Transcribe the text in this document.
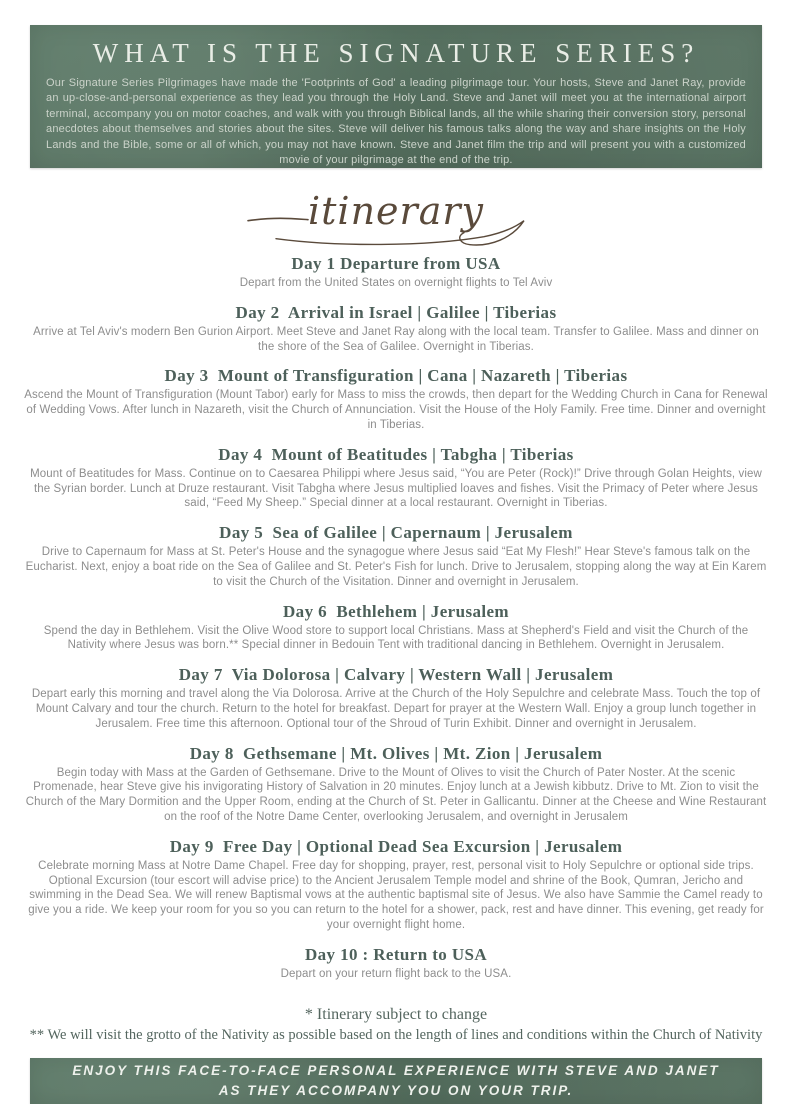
WHAT IS THE SIGNATURE SERIES?
Our Signature Series Pilgrimages have made the 'Footprints of God' a leading pilgrimage tour. Your hosts, Steve and Janet Ray, provide an up-close-and-personal experience as they lead you through the Holy Land. Steve and Janet will meet you at the international airport terminal, accompany you on motor coaches, and walk with you through Biblical lands, all the while sharing their conversion story, personal anecdotes about themselves and stories about the sites. Steve will deliver his famous talks along the way and share insights on the Holy Lands and the Bible, some or all of which, you may not have known. Steve and Janet film the trip and will present you with a customized movie of your pilgrimage at the end of the trip.
itinerary
Day 1 Departure from USA

Depart from the United States on overnight flights to Tel Aviv

Day 2  Arrival in Israel | Galilee | Tiberias

Arrive at Tel Aviv's modern Ben Gurion Airport. Meet Steve and Janet Ray along with the local team. Transfer to Galilee. Mass and dinner on the shore of the Sea of Galilee. Overnight in Tiberias.

Day 3  Mount of Transfiguration | Cana | Nazareth | Tiberias

Ascend the Mount of Transfiguration (Mount Tabor) early for Mass to miss the crowds, then depart for the Wedding Church in Cana for Renewal of Wedding Vows. After lunch in Nazareth, visit the Church of Annunciation. Visit the House of the Holy Family. Free time. Dinner and overnight in Tiberias.

Day 4  Mount of Beatitudes | Tabgha | Tiberias

Mount of Beatitudes for Mass. Continue on to Caesarea Philippi where Jesus said, “You are Peter (Rock)!” Drive through Golan Heights, view the Syrian border. Lunch at Druze restaurant. Visit Tabgha where Jesus multiplied loaves and fishes. Visit the Primacy of Peter where Jesus said, “Feed My Sheep.” Special dinner at a local restaurant. Overnight in Tiberias.

Day 5  Sea of Galilee | Capernaum | Jerusalem

Drive to Capernaum for Mass at St. Peter's House and the synagogue where Jesus said “Eat My Flesh!” Hear Steve's famous talk on the Eucharist. Next, enjoy a boat ride on the Sea of Galilee and St. Peter's Fish for lunch. Drive to Jerusalem, stopping along the way at Ein Karem to visit the Church of the Visitation. Dinner and overnight in Jerusalem.

Day 6  Bethlehem | Jerusalem

Spend the day in Bethlehem. Visit the Olive Wood store to support local Christians. Mass at Shepherd's Field and visit the Church of the Nativity where Jesus was born.** Special dinner in Bedouin Tent with traditional dancing in Bethlehem. Overnight in Jerusalem.

Day 7  Via Dolorosa | Calvary | Western Wall | Jerusalem

Depart early this morning and travel along the Via Dolorosa. Arrive at the Church of the Holy Sepulchre and celebrate Mass. Touch the top of Mount Calvary and tour the church. Return to the hotel for breakfast. Depart for prayer at the Western Wall. Enjoy a group lunch together in Jerusalem. Free time this afternoon. Optional tour of the Shroud of Turin Exhibit. Dinner and overnight in Jerusalem.

Day 8  Gethsemane | Mt. Olives | Mt. Zion | Jerusalem

Begin today with Mass at the Garden of Gethsemane. Drive to the Mount of Olives to visit the Church of Pater Noster. At the scenic Promenade, hear Steve give his invigorating History of Salvation in 20 minutes. Enjoy lunch at a Jewish kibbutz. Drive to Mt. Zion to visit the Church of the Mary Dormition and the Upper Room, ending at the Church of St. Peter in Gallicantu. Dinner at the Cheese and Wine Restaurant on the roof of the Notre Dame Center, overlooking Jerusalem, and overnight in Jerusalem

Day 9  Free Day | Optional Dead Sea Excursion | Jerusalem

Celebrate morning Mass at Notre Dame Chapel. Free day for shopping, prayer, rest, personal visit to Holy Sepulchre or optional side trips. Optional Excursion (tour escort will advise price) to the Ancient Jerusalem Temple model and shrine of the Book, Qumran, Jericho and swimming in the Dead Sea. We will renew Baptismal vows at the authentic baptismal site of Jesus. We also have Sammie the Camel ready to give you a ride. We keep your room for you so you can return to the hotel for a shower, pack, rest and have dinner. This evening, get ready for your overnight flight home.

Day 10 : Return to USA

Depart on your return flight back to the USA.

* Itinerary subject to change

** We will visit the grotto of the Nativity as possible based on the length of lines and conditions within the Church of Nativity

ENJOY THIS FACE-TO-FACE PERSONAL EXPERIENCE WITH STEVE AND JANET
AS THEY ACCOMPANY YOU ON YOUR TRIP.
